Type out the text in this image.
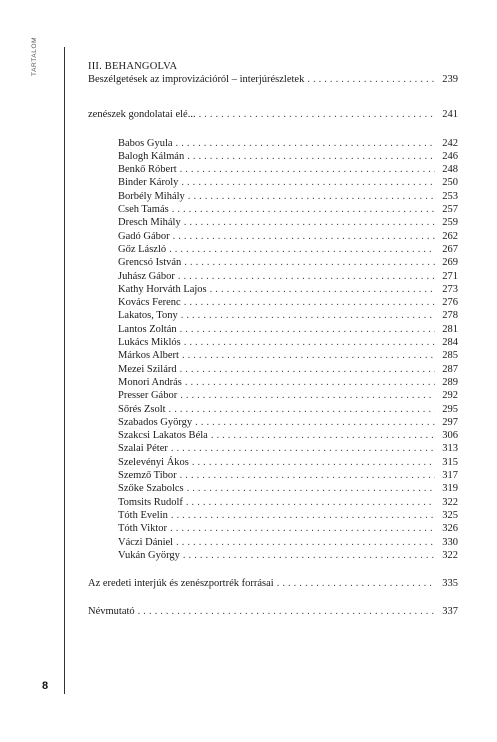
TARTALOM
8
III. BEHANGOLVA
Beszélgetések az improvizációról – interjúrészletek . . .	239
zenészek gondolatai elé... . . .	241
Babos Gyula . . .	242
Balogh Kálmán . . .	246
Benkő Róbert . . .	248
Binder Károly . . .	250
Borbély Mihály . . .	253
Cseh Tamás . . .	257
Dresch Mihály . . .	259
Gadó Gábor . . .	262
Gőz László . . .	267
Grencsó István . . .	269
Juhász Gábor . . .	271
Kathy Horváth Lajos . . .	273
Kovács Ferenc . . .	276
Lakatos, Tony . . .	278
Lantos Zoltán . . .	281
Lukács Miklós . . .	284
Márkos Albert . . .	285
Mezei Szilárd . . .	287
Monori András . . .	289
Presser Gábor . . .	292
Sőrés Zsolt . . .	295
Szabados György . . .	297
Szakcsi Lakatos Béla . . .	306
Szalai Péter . . .	313
Szelevényi Ákos . . .	315
Szemző Tibor . . .	317
Szőke Szabolcs . . .	319
Tomsits Rudolf . . .	322
Tóth Evelin . . .	325
Tóth Viktor . . .	326
Váczi Dániel . . .	330
Vukán György . . .	322
Az eredeti interjúk és zenészportrék forrásai . . .	335
Névmutató . . .	337
